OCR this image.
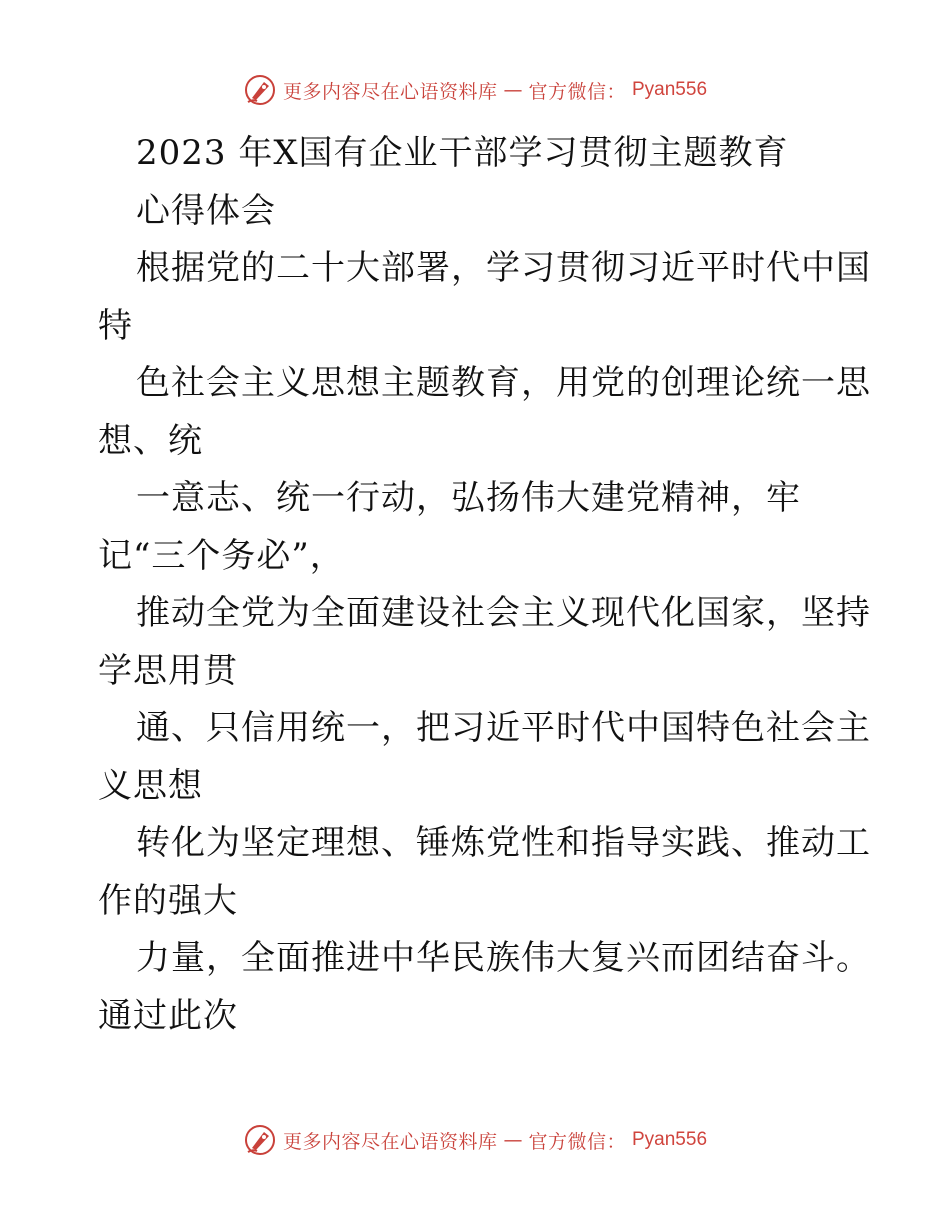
更多内容尽在心语资料库 — 官方微信： Pyan556
2023 年X国有企业干部学习贯彻主题教育
心得体会
根据党的二十大部署，学习贯彻习近平时代中国
特
色社会主义思想主题教育，用党的创理论统一思
想、统
一意志、统一行动，弘扬伟大建党精神，牢
记“三个务必”，
推动全党为全面建设社会主义现代化国家，坚持
学思用贯
通、只信用统一，把习近平时代中国特色社会主
义思想
转化为坚定理想、锤炼党性和指导实践、推动工
作的强大
力量，全面推进中华民族伟大复兴而团结奋斗。
通过此次
更多内容尽在心语资料库 — 官方微信： Pyan556
